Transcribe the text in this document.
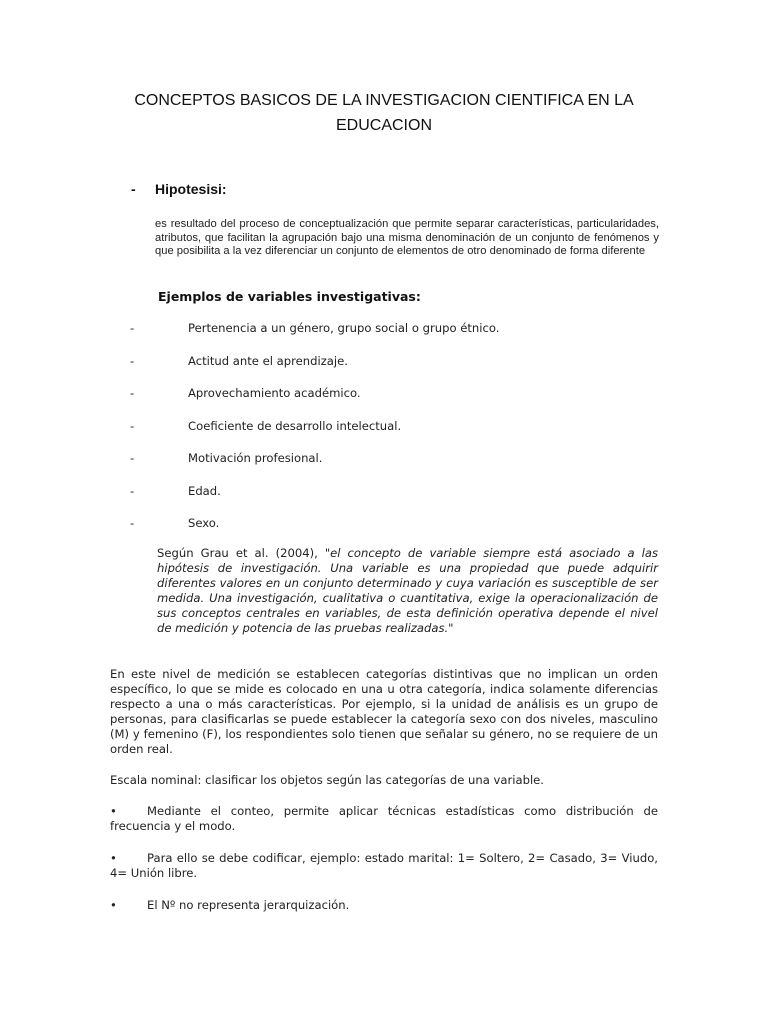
CONCEPTOS BASICOS DE LA INVESTIGACION CIENTIFICA EN LA EDUCACION
- Hipotesisi:
es resultado del proceso de conceptualización que permite separar características, particularidades, atributos, que facilitan la agrupación bajo una misma denominación de un conjunto de fenómenos y que posibilita a la vez diferenciar un conjunto de elementos de otro denominado de forma diferente
Ejemplos de variables investigativas:
-	Pertenencia a un género, grupo social o grupo étnico.
-	Actitud ante el aprendizaje.
-	Aprovechamiento académico.
-	Coeficiente de desarrollo intelectual.
-	Motivación profesional.
-	Edad.
-	Sexo.
Según Grau et al. (2004), "el concepto de variable siempre está asociado a las hipótesis de investigación. Una variable es una propiedad que puede adquirir diferentes valores en un conjunto determinado y cuya variación es susceptible de ser medida. Una investigación, cualitativa o cuantitativa, exige la operacionalización de sus conceptos centrales en variables, de esta definición operativa depende el nivel de medición y potencia de las pruebas realizadas."
En este nivel de medición se establecen categorías distintivas que no implican un orden específico, lo que se mide es colocado en una u otra categoría, indica solamente diferencias respecto a una o más características. Por ejemplo, si la unidad de análisis es un grupo de personas, para clasificarlas se puede establecer la categoría sexo con dos niveles, masculino (M) y femenino (F), los respondientes solo tienen que señalar su género, no se requiere de un orden real.
Escala nominal: clasificar los objetos según las categorías de una variable.
•	Mediante el conteo, permite aplicar técnicas estadísticas como distribución de frecuencia y el modo.
•	Para ello se debe codificar, ejemplo: estado marital: 1= Soltero, 2= Casado, 3= Viudo, 4= Unión libre.
•	El Nº no representa jerarquización.
